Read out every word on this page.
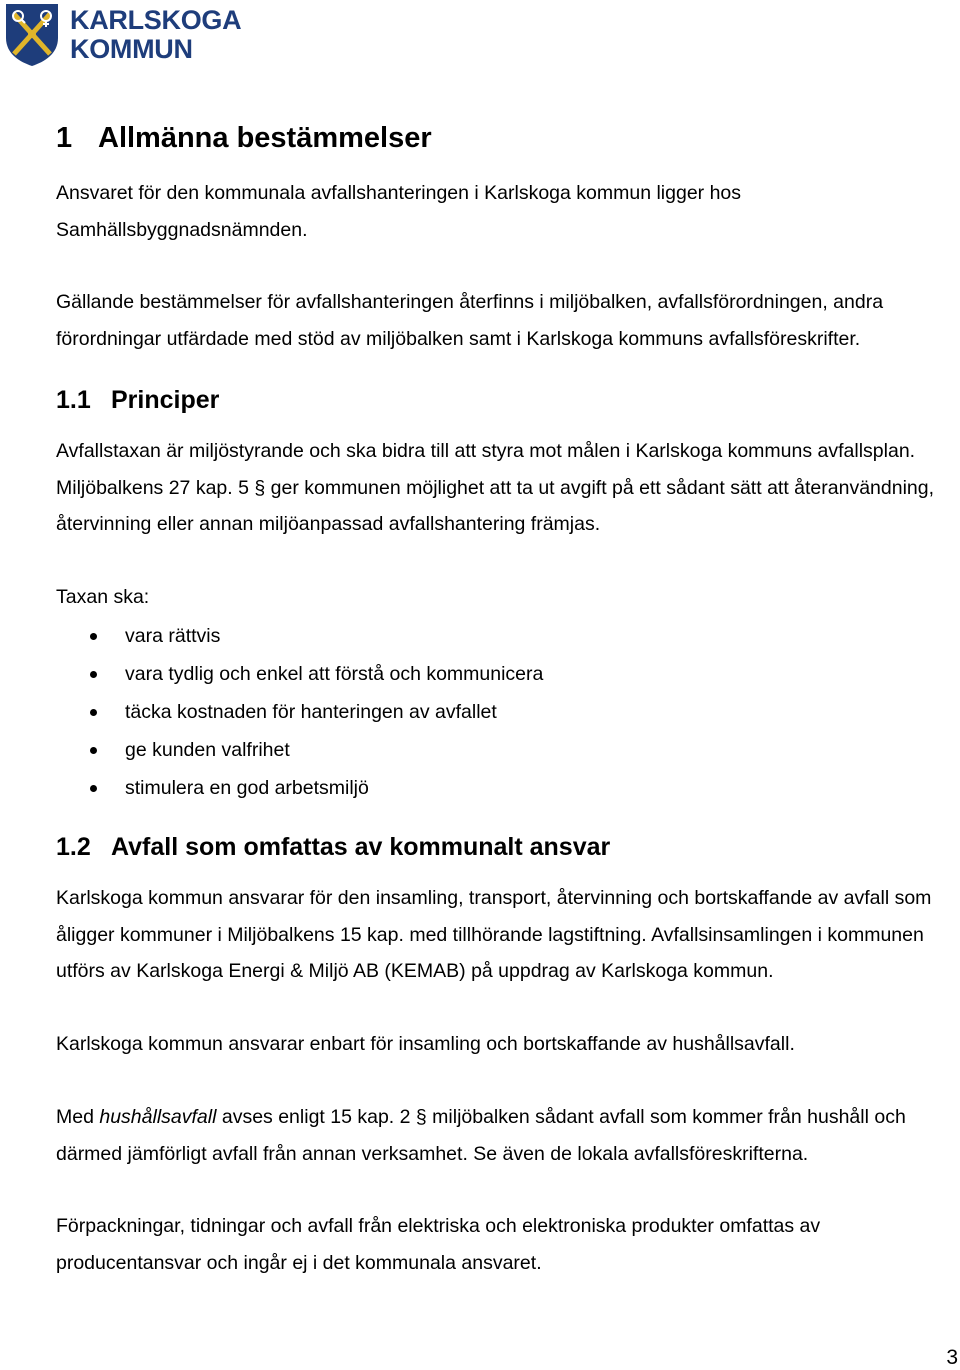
KARLSKOGA
KOMMUN
1 Allmänna bestämmelser

Ansvaret för den kommunala avfallshanteringen i Karlskoga kommun ligger hos Samhällsbyggnadsnämnden.

Gällande bestämmelser för avfallshanteringen återfinns i miljöbalken, avfallsförordningen, andra förordningar utfärdade med stöd av miljöbalken samt i Karlskoga kommuns avfallsföreskrifter.

1.1 Principer

Avfallstaxan är miljöstyrande och ska bidra till att styra mot målen i Karlskoga kommuns avfallsplan. Miljöbalkens 27 kap. 5 § ger kommunen möjlighet att ta ut avgift på ett sådant sätt att återanvändning, återvinning eller annan miljöanpassad avfallshantering främjas.

Taxan ska:

vara rättvis
vara tydlig och enkel att förstå och kommunicera
täcka kostnaden för hanteringen av avfallet
ge kunden valfrihet
stimulera en god arbetsmiljö
1.2 Avfall som omfattas av kommunalt ansvar

Karlskoga kommun ansvarar för den insamling, transport, återvinning och bortskaffande av avfall som åligger kommuner i Miljöbalkens 15 kap. med tillhörande lagstiftning. Avfallsinsamlingen i kommunen utförs av Karlskoga Energi & Miljö AB (KEMAB) på uppdrag av Karlskoga kommun.

Karlskoga kommun ansvarar enbart för insamling och bortskaffande av hushållsavfall.

Med hushållsavfall avses enligt 15 kap. 2 § miljöbalken sådant avfall som kommer från hushåll och därmed jämförligt avfall från annan verksamhet. Se även de lokala avfallsföreskrifterna.

Förpackningar, tidningar och avfall från elektriska och elektroniska produkter omfattas av producentansvar och ingår ej i det kommunala ansvaret.

3
